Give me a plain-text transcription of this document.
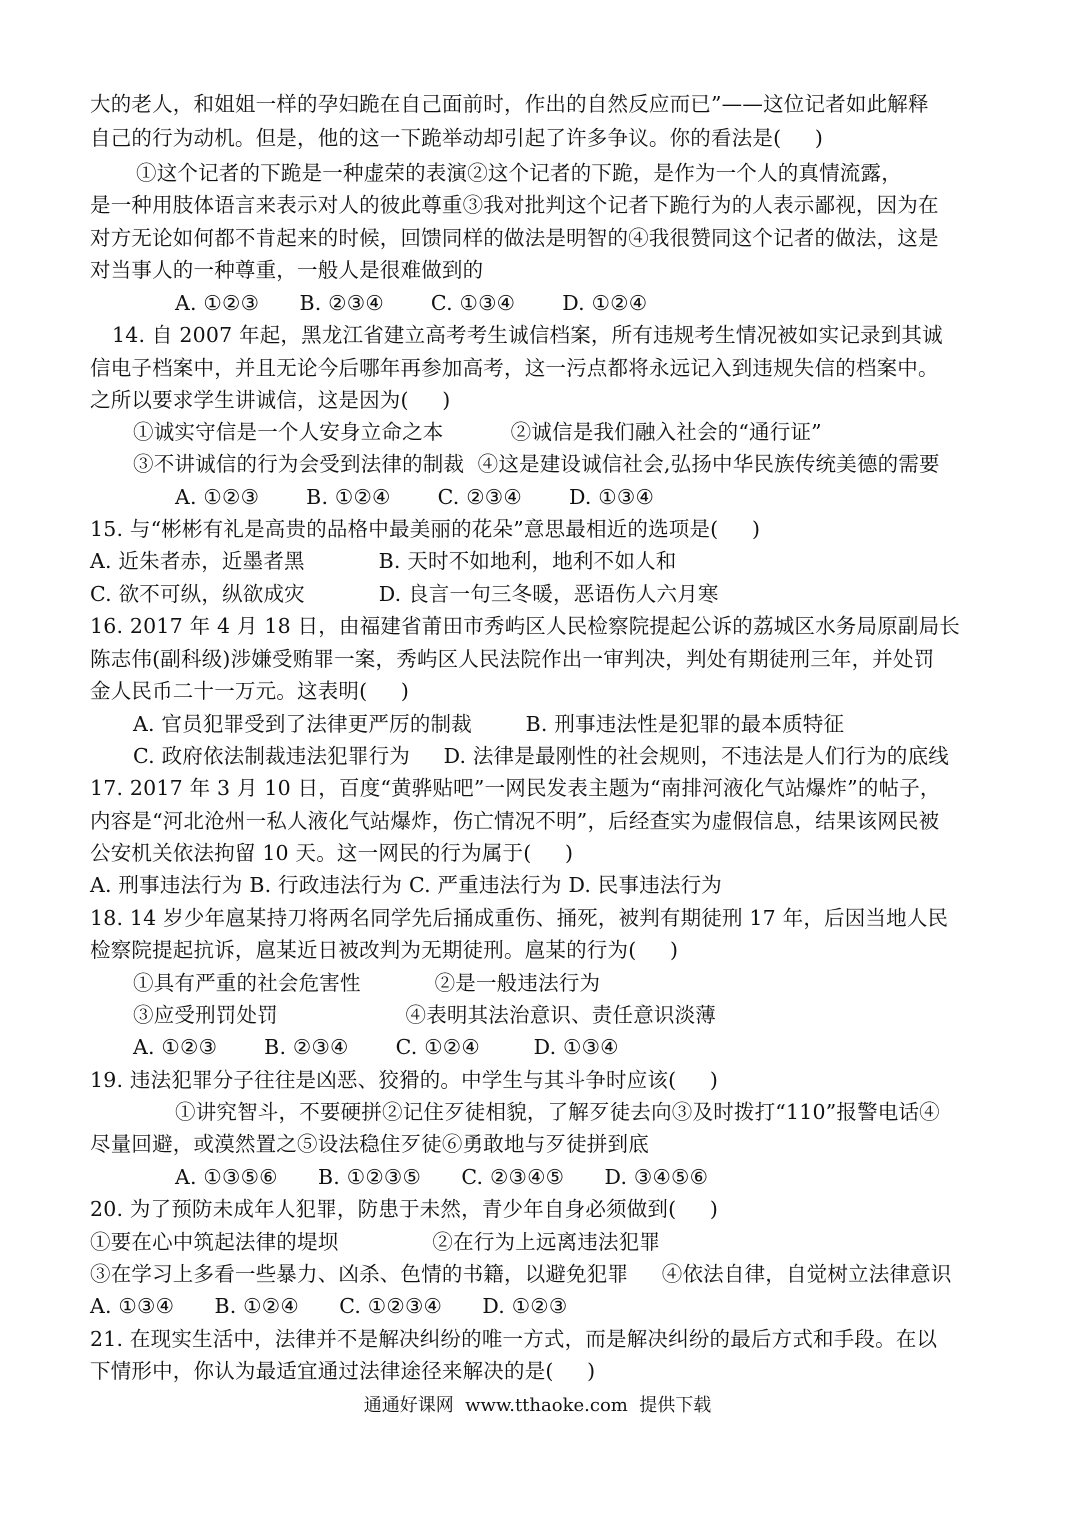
大的老人，和姐姐一样的孕妇跪在自己面前时，作出的自然反应而已”——这位记者如此解释
自己的行为动机。但是，他的这一下跪举动却引起了许多争议。你的看法是(     )
①这个记者的下跪是一种虚荣的表演②这个记者的下跪，是作为一个人的真情流露，
是一种用肢体语言来表示对人的彼此尊重③我对批判这个记者下跪行为的人表示鄙视，因为在
对方无论如何都不肯起来的时候，回馈同样的做法是明智的④我很赞同这个记者的做法，这是
对当事人的一种尊重，一般人是很难做到的
A. ①②③      B. ②③④       C. ①③④       D. ①②④
14. 自 2007 年起，黑龙江省建立高考考生诚信档案，所有违规考生情况被如实记录到其诚
信电子档案中，并且无论今后哪年再参加高考，这一污点都将永远记入到违规失信的档案中。
之所以要求学生讲诚信，这是因为(     )
①诚实守信是一个人安身立命之本          ②诚信是我们融入社会的“通行证”
③不讲诚信的行为会受到法律的制裁  ④这是建设诚信社会,弘扬中华民族传统美德的需要
A. ①②③       B. ①②④       C. ②③④       D. ①③④
15. 与“彬彬有礼是高贵的品格中最美丽的花朵”意思最相近的选项是(     )
A. 近朱者赤，近墨者黑           B. 天时不如地利，地利不如人和
C. 欲不可纵，纵欲成灾           D. 良言一句三冬暖，恶语伤人六月寒
16. 2017 年 4 月 18 日，由福建省莆田市秀屿区人民检察院提起公诉的荔城区水务局原副局长
陈志伟(副科级)涉嫌受贿罪一案，秀屿区人民法院作出一审判决，判处有期徒刑三年，并处罚
金人民币二十一万元。这表明(     )
A. 官员犯罪受到了法律更严厉的制裁        B. 刑事违法性是犯罪的最本质特征
C. 政府依法制裁违法犯罪行为     D. 法律是最刚性的社会规则，不违法是人们行为的底线
17. 2017 年 3 月 10 日，百度“黄骅贴吧”一网民发表主题为“南排河液化气站爆炸”的帖子，
内容是“河北沧州一私人液化气站爆炸，伤亡情况不明”，后经查实为虚假信息，结果该网民被
公安机关依法拘留 10 天。这一网民的行为属于(     )
A. 刑事违法行为 B. 行政违法行为 C. 严重违法行为 D. 民事违法行为
18. 14 岁少年扈某持刀将两名同学先后捅成重伤、捅死，被判有期徒刑 17 年，后因当地人民
检察院提起抗诉，扈某近日被改判为无期徒刑。扈某的行为(     )
①具有严重的社会危害性           ②是一般违法行为
③应受刑罚处罚                   ④表明其法治意识、责任意识淡薄
A. ①②③       B. ②③④       C. ①②④        D. ①③④
19. 违法犯罪分子往往是凶恶、狡猾的。中学生与其斗争时应该(     )
①讲究智斗，不要硬拼②记住歹徒相貌，了解歹徒去向③及时拨打“110”报警电话④
尽量回避，或漠然置之⑤设法稳住歹徒⑥勇敢地与歹徒拼到底
A. ①③⑤⑥      B. ①②③⑤      C. ②③④⑤      D. ③④⑤⑥
20. 为了预防未成年人犯罪，防患于未然，青少年自身必须做到(     )
①要在心中筑起法律的堤坝              ②在行为上远离违法犯罪
③在学习上多看一些暴力、凶杀、色情的书籍，以避免犯罪     ④依法自律，自觉树立法律意识
A. ①③④      B. ①②④      C. ①②③④      D. ①②③
21. 在现实生活中，法律并不是解决纠纷的唯一方式，而是解决纠纷的最后方式和手段。在以
下情形中，你认为最适宜通过法律途径来解决的是(     )
通通好课网  www.tthaoke.com  提供下载
